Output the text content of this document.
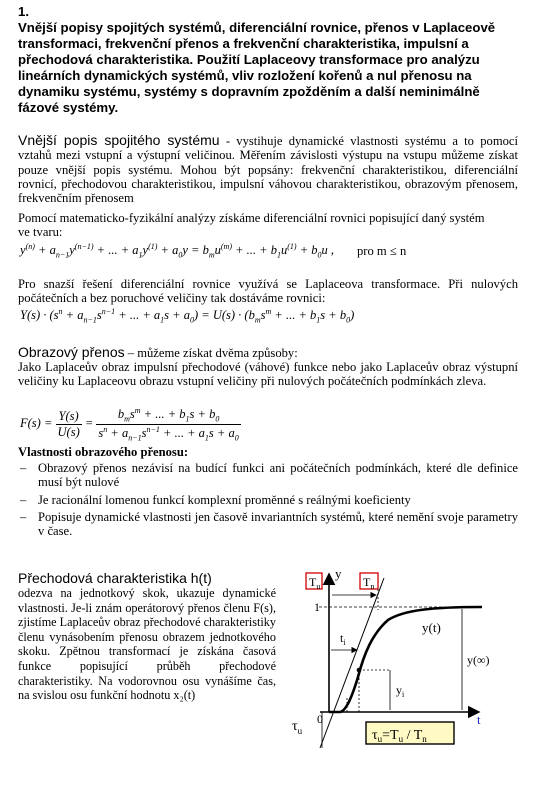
1.
Vnější popisy spojitých systémů, diferenciální rovnice, přenos v Laplaceově transformaci, frekvenční přenos a frekvenční charakteristika, impulsní a přechodová charakteristika. Použití Laplaceovy transformace pro analýzu lineárních dynamických systémů, vliv rozložení kořenů a nul přenosu na dynamiku systému, systémy s dopravním zpožděním a další neminimálně fázové systémy.
Vnější popis spojitého systému - vystihuje dynamické vlastnosti systému a to pomocí vztahů mezi vstupní a výstupní veličinou. Měřením závislosti výstupu na vstupu můžeme získat pouze vnější popis systému. Mohou být popsány: frekvenční charakteristikou, diferenciální rovnicí, přechodovou charakteristikou, impulsní váhovou charakteristikou, obrazovým přenosem, frekvenčním přenosem
Pomocí matematicko-fyzikální analýzy získáme diferenciální rovnici popisující daný systém ve tvaru:
$y^{(n)} + a_{n-1}y^{(n-1)}$ + ... + $a_1y^{(1)} + a_0y = b_mu^{(m)}$ + ... + $b_1u^{(1)} + b_0u$ , pro m ≤ n
Pro snazší řešení diferenciální rovnice využívá se Laplaceova transformace. Při nulových počátečních a bez poruchové veličiny tak dostáváme rovnici:
$Y(s) \cdot (s^n + a_{n-1}s^{n-1}$ + ... + $a_1s + a_0) = U(s) \cdot (b_ms^m$ + ... + $b_1s + b_0$)
Obrazový přenos – můžeme získat dvěma způsoby:
Jako Laplaceův obraz impulsní přechodové (váhové) funkce nebo jako Laplaceův obraz výstupní veličiny ku Laplaceovu obrazu vstupní veličiny při nulových počátečních podmínkách zleva.
$F(s) = \frac{Y(s)}{U(s)} = \frac{b_ms^m + ... + b_1s + b_0}{s^n + a_{n-1}s^{n-1} + ... + a_1s + a_0}$
Vlastnosti obrazového přenosu:
– Obrazový přenos nezávisí na budící funkci ani počátečních podmínkách, které dle definice musí být nulové
– Je racionální lomenou funkcí komplexní proměnné s reálnými koeficienty
– Popisuje dynamické vlastnosti jen časově invariantních systémů, které nemění svoje parametry v čase.
Přechodová charakteristika h(t)
odezva na jednotkový skok, ukazuje dynamické vlastnosti. Je-li znám operátorový přenos členu F(s), zjistíme Laplaceův obraz přechodové charakteristiky členu vynásobením přenosu obrazem jednotkového skoku. Zpětnou transformací je získána časová funkce popisující průběh přechodové charakteristiky. Na vodorovnou osu vynášíme čas, na svislou osu funkční hodnotu x₂(t)
$T_u$	$T_n$
y
t
1
0
$t_i$
$y_i$
y(t)
y(∞)
$\tau_u$	$\tau_u=T_u / T_n$
